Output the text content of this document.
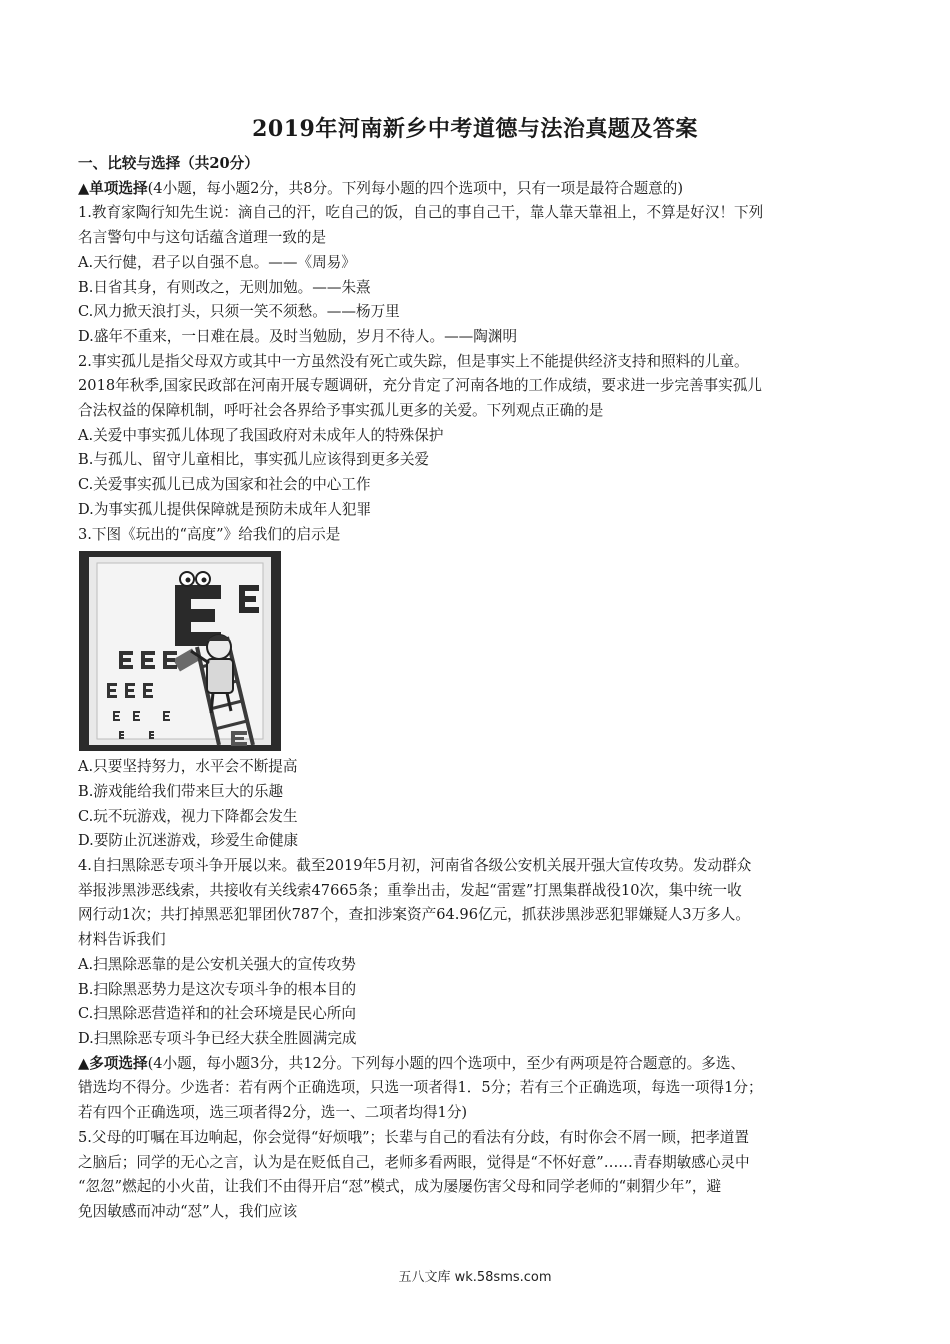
2019年河南新乡中考道德与法治真题及答案

一、比较与选择（共20分）

▲单项选择(4小题，每小题2分，共8分。下列每小题的四个选项中，只有一项是最符合题意的)

1.教育家陶行知先生说：滴自己的汗，吃自己的饭，自己的事自己干，靠人靠天靠祖上，不算是好汉！下列

名言警句中与这句话蕴含道理一致的是

A.天行健，君子以自强不息。——《周易》

B.日省其身，有则改之，无则加勉。——朱熹

C.风力掀天浪打头，只须一笑不须愁。——杨万里

D.盛年不重来，一日难在晨。及时当勉励，岁月不待人。——陶渊明

2.事实孤儿是指父母双方或其中一方虽然没有死亡或失踪，但是事实上不能提供经济支持和照料的儿童。

2018年秋季,国家民政部在河南开展专题调研，充分肯定了河南各地的工作成绩，要求进一步完善事实孤儿

合法权益的保障机制，呼吁社会各界给予事实孤儿更多的关爱。下列观点正确的是

A.关爱中事实孤儿体现了我国政府对未成年人的特殊保护

B.与孤儿、留守儿童相比，事实孤儿应该得到更多关爱

C.关爱事实孤儿已成为国家和社会的中心工作

D.为事实孤儿提供保障就是预防未成年人犯罪

3.下图《玩出的“高度”》给我们的启示是

A.只要坚持努力，水平会不断提高

B.游戏能给我们带来巨大的乐趣

C.玩不玩游戏，视力下降都会发生

D.要防止沉迷游戏，珍爱生命健康

4.自扫黑除恶专项斗争开展以来。截至2019年5月初，河南省各级公安机关展开强大宣传攻势。发动群众

举报涉黑涉恶线索，共接收有关线索47665条；重拳出击，发起“雷霆”打黑集群战役10次，集中统一收

网行动1次；共打掉黑恶犯罪团伙787个，查扣涉案资产64.96亿元，抓获涉黑涉恶犯罪嫌疑人3万多人。

材料告诉我们

A.扫黑除恶靠的是公安机关强大的宣传攻势

B.扫除黑恶势力是这次专项斗争的根本目的

C.扫黑除恶营造祥和的社会环境是民心所向

D.扫黑除恶专项斗争已经大获全胜圆满完成

▲多项选择(4小题，每小题3分，共12分。下列每小题的四个选项中，至少有两项是符合题意的。多选、

错选均不得分。少选者：若有两个正确选项，只选一项者得1．5分；若有三个正确选项，每选一项得1分；

若有四个正确选项，选三项者得2分，选一、二项者均得1分)

5.父母的叮嘱在耳边响起，你会觉得“好烦哦”；长辈与自己的看法有分歧，有时你会不屑一顾，把孝道置

之脑后；同学的无心之言，认为是在贬低自己，老师多看两眼，觉得是“不怀好意”……青春期敏感心灵中

“忽忽”燃起的小火苗，让我们不由得开启“怼”模式，成为屡屡伤害父母和同学老师的“刺猬少年”，避

免因敏感而冲动“怼”人，我们应该

五八文库 wk.58sms.com
